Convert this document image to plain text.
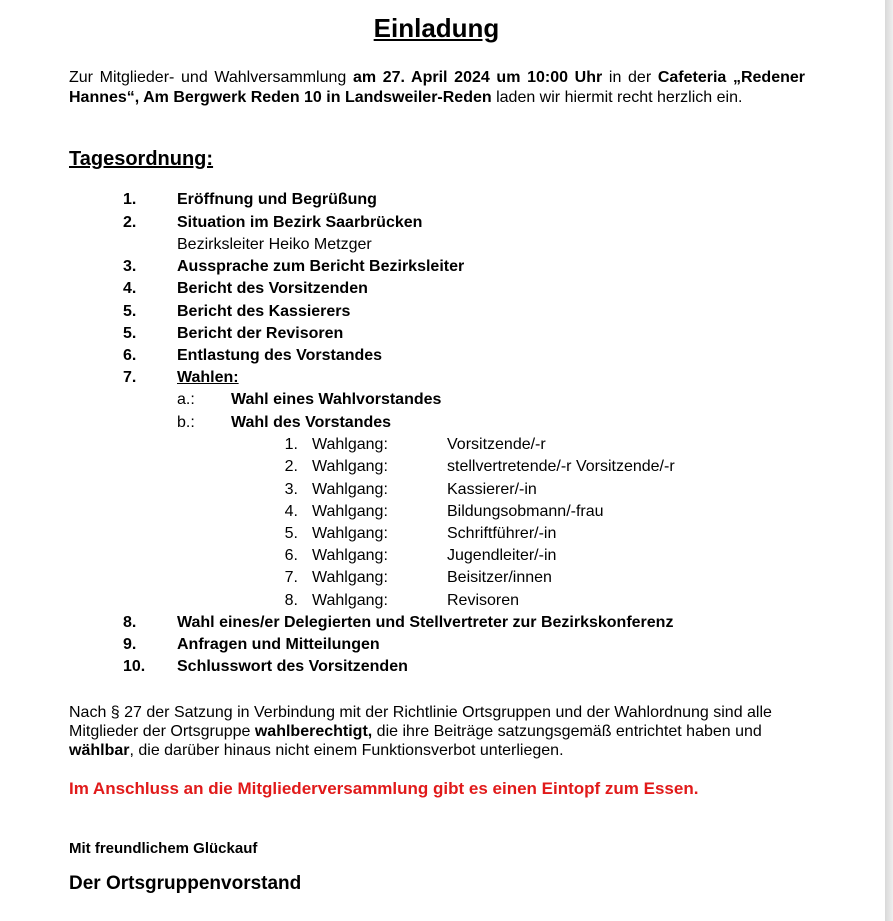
Einladung
Zur Mitglieder- und Wahlversammlung am 27. April 2024 um 10:00 Uhr in der Cafeteria „Redener Hannes“, Am Bergwerk Reden 10 in Landsweiler-Reden laden wir hiermit recht herzlich ein.
Tagesordnung:
1.	Eröffnung und Begrüßung
2.	Situation im Bezirk Saarbrücken
Bezirksleiter Heiko Metzger
3.	Aussprache zum Bericht Bezirksleiter
4.	Bericht des Vorsitzenden
5.	Bericht des Kassierers
5.	Bericht der Revisoren
6.	Entlastung des Vorstandes
7.	Wahlen:
a.: Wahl eines Wahlvorstandes
b.: Wahl des Vorstandes
1. Wahlgang:	Vorsitzende/-r
2. Wahlgang:	stellvertretende/-r Vorsitzende/-r
3. Wahlgang:	Kassierer/-in
4. Wahlgang:	Bildungsobmann/-frau
5. Wahlgang:	Schriftführer/-in
6. Wahlgang:	Jugendleiter/-in
7. Wahlgang:	Beisitzer/innen
8. Wahlgang:	Revisoren
8.	Wahl eines/er Delegierten und Stellvertreter zur Bezirkskonferenz
9.	Anfragen und Mitteilungen
10. Schlusswort des Vorsitzenden
Nach § 27 der Satzung in Verbindung mit der Richtlinie Ortsgruppen und der Wahlordnung sind alle Mitglieder der Ortsgruppe wahlberechtigt, die ihre Beiträge satzungsgemäß entrichtet haben und wählbar, die darüber hinaus nicht einem Funktionsverbot unterliegen.
Im Anschluss an die Mitgliederversammlung gibt es einen Eintopf zum Essen.
Mit freundlichem Glückauf
Der Ortsgruppenvorstand
